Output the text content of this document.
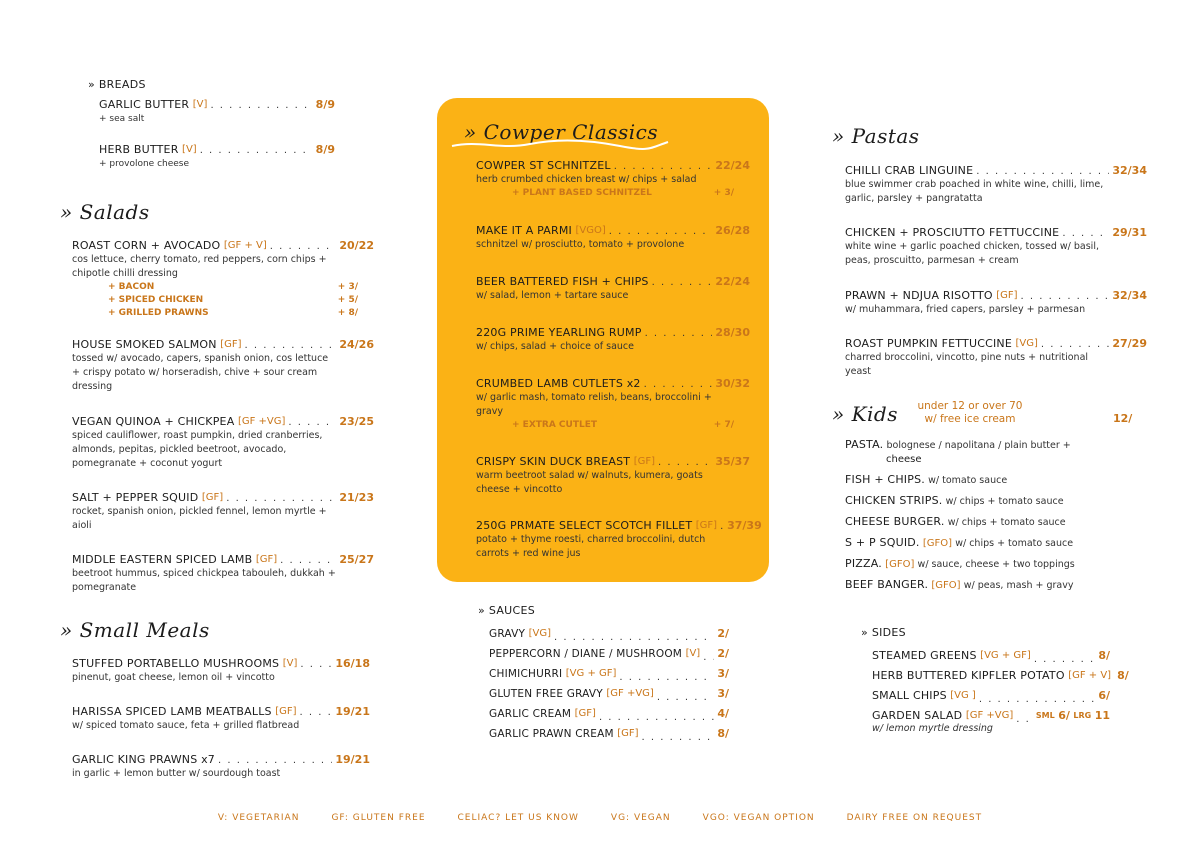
» BREADS
GARLIC BUTTER
[V] . . .	8/9
+ sea salt
HERB BUTTER
[V] . . .	8/9
+ provolone cheese
» Salads
ROAST CORN + AVOCADO
[GF + V] . . .	20/22
cos lettuce, cherry tomato, red peppers, corn chips + chipotle chilli dressing
+ BACON	+ 3/
+ SPICED CHICKEN	+ 5/
+ GRILLED PRAWNS	+ 8/
HOUSE SMOKED SALMON
[GF] . . .	24/26
tossed w/ avocado, capers, spanish onion, cos lettuce + crispy potato w/ horseradish, chive + sour cream dressing
VEGAN QUINOA + CHICKPEA
[GF +VG] . . .	23/25
spiced cauliflower, roast pumpkin, dried cranberries, almonds, pepitas, pickled beetroot, avocado, pomegranate + coconut yogurt
SALT + PEPPER SQUID
[GF] . . .	21/23
rocket, spanish onion, pickled fennel, lemon myrtle + aioli
MIDDLE EASTERN SPICED LAMB
[GF] . . .	25/27
beetroot hummus, spiced chickpea tabouleh, dukkah + pomegranate
» Small Meals
STUFFED PORTABELLO MUSHROOMS
[V] . . .	16/18
pinenut, goat cheese, lemon oil + vincotto
HARISSA SPICED LAMB MEATBALLS
[GF] . . .	19/21
w/ spiced tomato sauce, feta + grilled flatbread
GARLIC KING PRAWNS x7 . . .	19/21
in garlic + lemon butter w/ sourdough toast
» Cowper Classics
COWPER ST SCHNITZEL . . .	22/24
herb crumbed chicken breast w/ chips + salad
+ PLANT BASED SCHNITZEL	+ 3/
MAKE IT A PARMI
[VGO] . . .	26/28
schnitzel w/ prosciutto, tomato + provolone
BEER BATTERED FISH + CHIPS . . .	22/24
w/ salad, lemon + tartare sauce
220G PRIME YEARLING RUMP . . .	28/30
w/ chips, salad + choice of sauce
CRUMBED LAMB CUTLETS x2 . . .	30/32
w/ garlic mash, tomato relish, beans, broccolini + gravy
+ EXTRA CUTLET	+ 7/
CRISPY SKIN DUCK BREAST
[GF] . . .	35/37
warm beetroot salad w/ walnuts, kumera, goats cheese + vincotto
250G PRMATE SELECT SCOTCH FILLET
[GF] . . . 37/39
potato + thyme roesti, charred broccolini, dutch carrots + red wine jus
» SAUCES
GRAVY
[VG] . . .	2/
PEPPERCORN / DIANE / MUSHROOM
[V] . . . 2/
CHIMICHURRI
[VG + GF] . . .	3/
GLUTEN FREE GRAVY
[GF +VG] . . .	3/
GARLIC CREAM
[GF] . . .	4/
GARLIC PRAWN CREAM
[GF] . . .	8/
» Pastas
CHILLI CRAB LINGUINE . . .	32/34
blue swimmer crab poached in white wine, chilli, lime, garlic, parsley + pangratatta
CHICKEN + PROSCIUTTO FETTUCCINE . . .	29/31
white wine + garlic poached chicken, tossed w/ basil, peas, proscuitto, parmesan + cream
PRAWN + NDJUA RISOTTO
[GF] . . .	32/34
w/ muhammara, fried capers, parsley + parmesan
ROAST PUMPKIN FETTUCCINE
[VG] . . .	27/29
charred broccolini, vincotto, pine nuts + nutritional yeast
» Kids	under 12 or over 70
w/ free ice cream	12/
PASTA. bolognese / napolitana / plain butter +
cheese
FISH + CHIPS. w/ tomato sauce
CHICKEN STRIPS. w/ chips + tomato sauce
CHEESE BURGER. w/ chips + tomato sauce
S + P SQUID. [GFO] w/ chips + tomato sauce
PIZZA. [GFO] w/ sauce, cheese + two toppings
BEEF BANGER. [GFO] w/ peas, mash + gravy
» SIDES
STEAMED GREENS
[VG + GF] . . .	8/
HERB BUTTERED KIPFLER POTATO
[GF + V] 8/
SMALL CHIPS
[VG ] . . .	6/
GARDEN SALAD
[GF +VG] . . .	SML
6/
LRG
11
w/ lemon myrtle dressing
V: VEGETARIAN	GF: GLUTEN FREE	CELIAC? LET US KNOW	VG: VEGAN	VGO: VEGAN OPTION	DAIRY FREE ON REQUEST
